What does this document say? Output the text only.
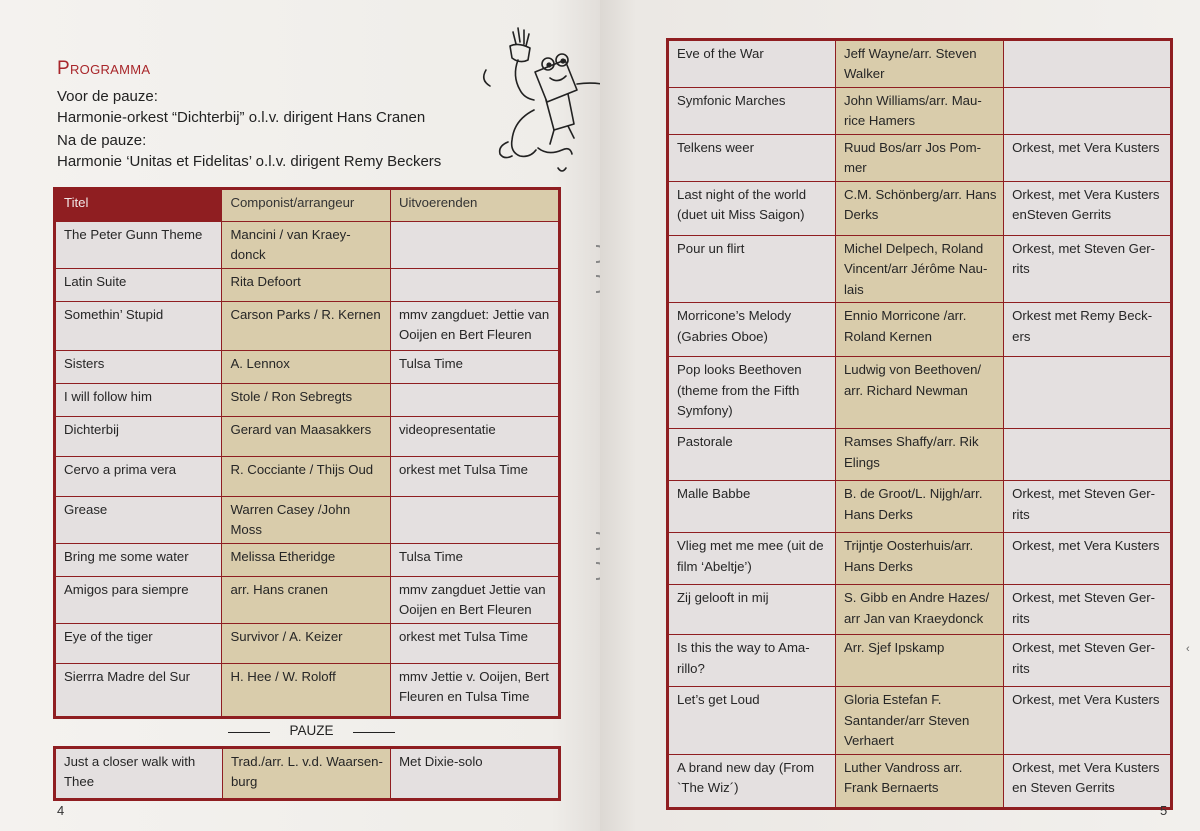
Programma
Voor de pauze:
Harmonie-orkest “Dichterbij” o.l.v. dirigent Hans Cranen
Na de pauze:
Harmonie ‘Unitas et Fidelitas’ o.l.v. dirigent Remy Beckers
Titel	Componist/arrangeur	Uitvoerenden
The Peter Gunn Theme	Mancini / van Kraey-donck	
Latin Suite	Rita Defoort	
Somethin’ Stupid	Carson Parks / R. Kernen	mmv zangduet: Jettie van Ooijen en Bert Fleuren
Sisters	A. Lennox	Tulsa Time
I will follow him	Stole / Ron Sebregts	
Dichterbij	Gerard van Maasakkers	videopresentatie
Cervo a prima vera	R. Cocciante / Thijs Oud	orkest met Tulsa Time
Grease	Warren Casey /John Moss	
Bring me some water	Melissa Etheridge	Tulsa Time
Amigos para siempre	arr. Hans cranen	mmv zangduet Jettie van Ooijen en Bert Fleuren
Eye of the tiger	Survivor / A. Keizer	orkest met Tulsa Time
Sierrra Madre del Sur	H. Hee / W. Roloff	mmv Jettie v. Ooijen, Bert Fleuren en Tulsa Time
PAUZE
Just a closer walk with Thee	Trad./arr. L. v.d. Waarsen-burg	Met Dixie-solo
4
Eve of the War	Jeff Wayne/arr. Steven Walker	
Symfonic Marches	John Williams/arr. Mau-rice Hamers	
Telkens weer	Ruud Bos/arr Jos Pom-mer	Orkest, met Vera Kusters
Last night of the world (duet uit Miss Saigon)	C.M. Schönberg/arr. Hans Derks	Orkest, met Vera Kusters enSteven Gerrits
Pour un flirt	Michel Delpech, Roland Vincent/arr Jérôme Nau-lais	Orkest, met Steven Ger-rits
Morricone’s Melody (Gabries Oboe)	Ennio Morricone /arr. Roland Kernen	Orkest met Remy Beck-ers
Pop looks Beethoven (theme from the Fifth Symfony)	Ludwig von Beethoven/ arr. Richard Newman	
Pastorale	Ramses Shaffy/arr. Rik Elings	
Malle Babbe	B. de Groot/L. Nijgh/arr. Hans Derks	Orkest, met Steven Ger-rits
Vlieg met me mee (uit de film ‘Abeltje’)	Trijntje Oosterhuis/arr. Hans Derks	Orkest, met Vera Kusters
Zij gelooft in mij	S. Gibb en Andre Hazes/ arr Jan van Kraeydonck	Orkest, met Steven Ger-rits
Is this the way to Ama-rillo?	Arr. Sjef Ipskamp	Orkest, met Steven Ger-rits
Let’s get Loud	Gloria Estefan F. Santander/arr Steven Verhaert	Orkest, met Vera Kusters
A brand new day (From `The Wiz´)	Luther Vandross arr. Frank Bernaerts	Orkest, met Vera Kusters en Steven Gerrits
5
‹
